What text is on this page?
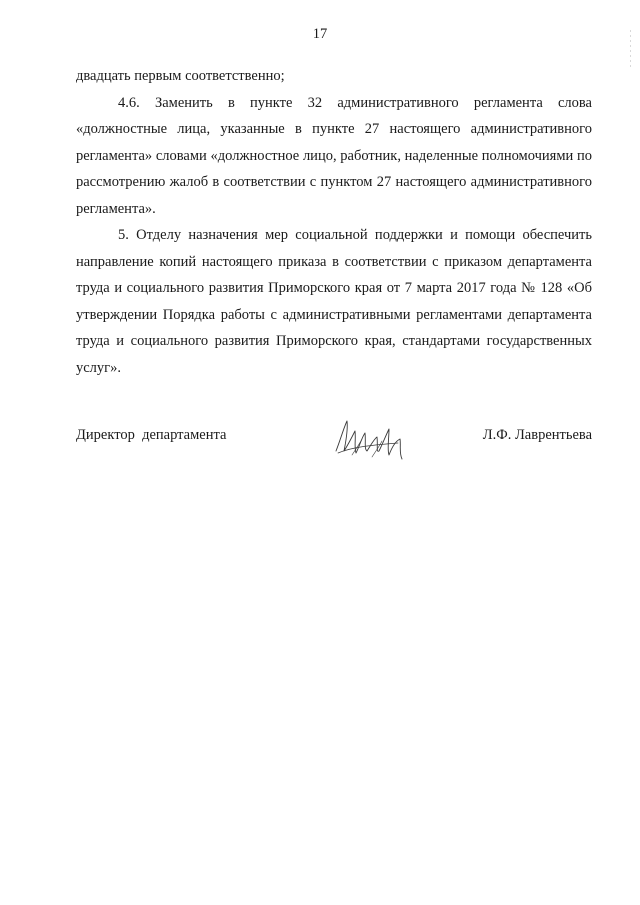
17

двадцать первым соответственно;

4.6. Заменить в пункте 32 административного регламента слова «должностные лица, указанные в пункте 27 настоящего административного регламента» словами «должностное лицо, работник, наделенные полномочиями по рассмотрению жалоб в соответствии с пунктом 27 настоящего административного регламента».

5. Отделу назначения мер социальной поддержки и помощи обеспечить направление копий настоящего приказа в соответствии с приказом департамента труда и социального развития Приморского края от 7 марта 2017 года № 128 «Об утверждении Порядка работы с административными регламентами департамента труда и социального развития Приморского края, стандартами государственных услуг».

Директор  департамента	Л.Ф. Лаврентьева
